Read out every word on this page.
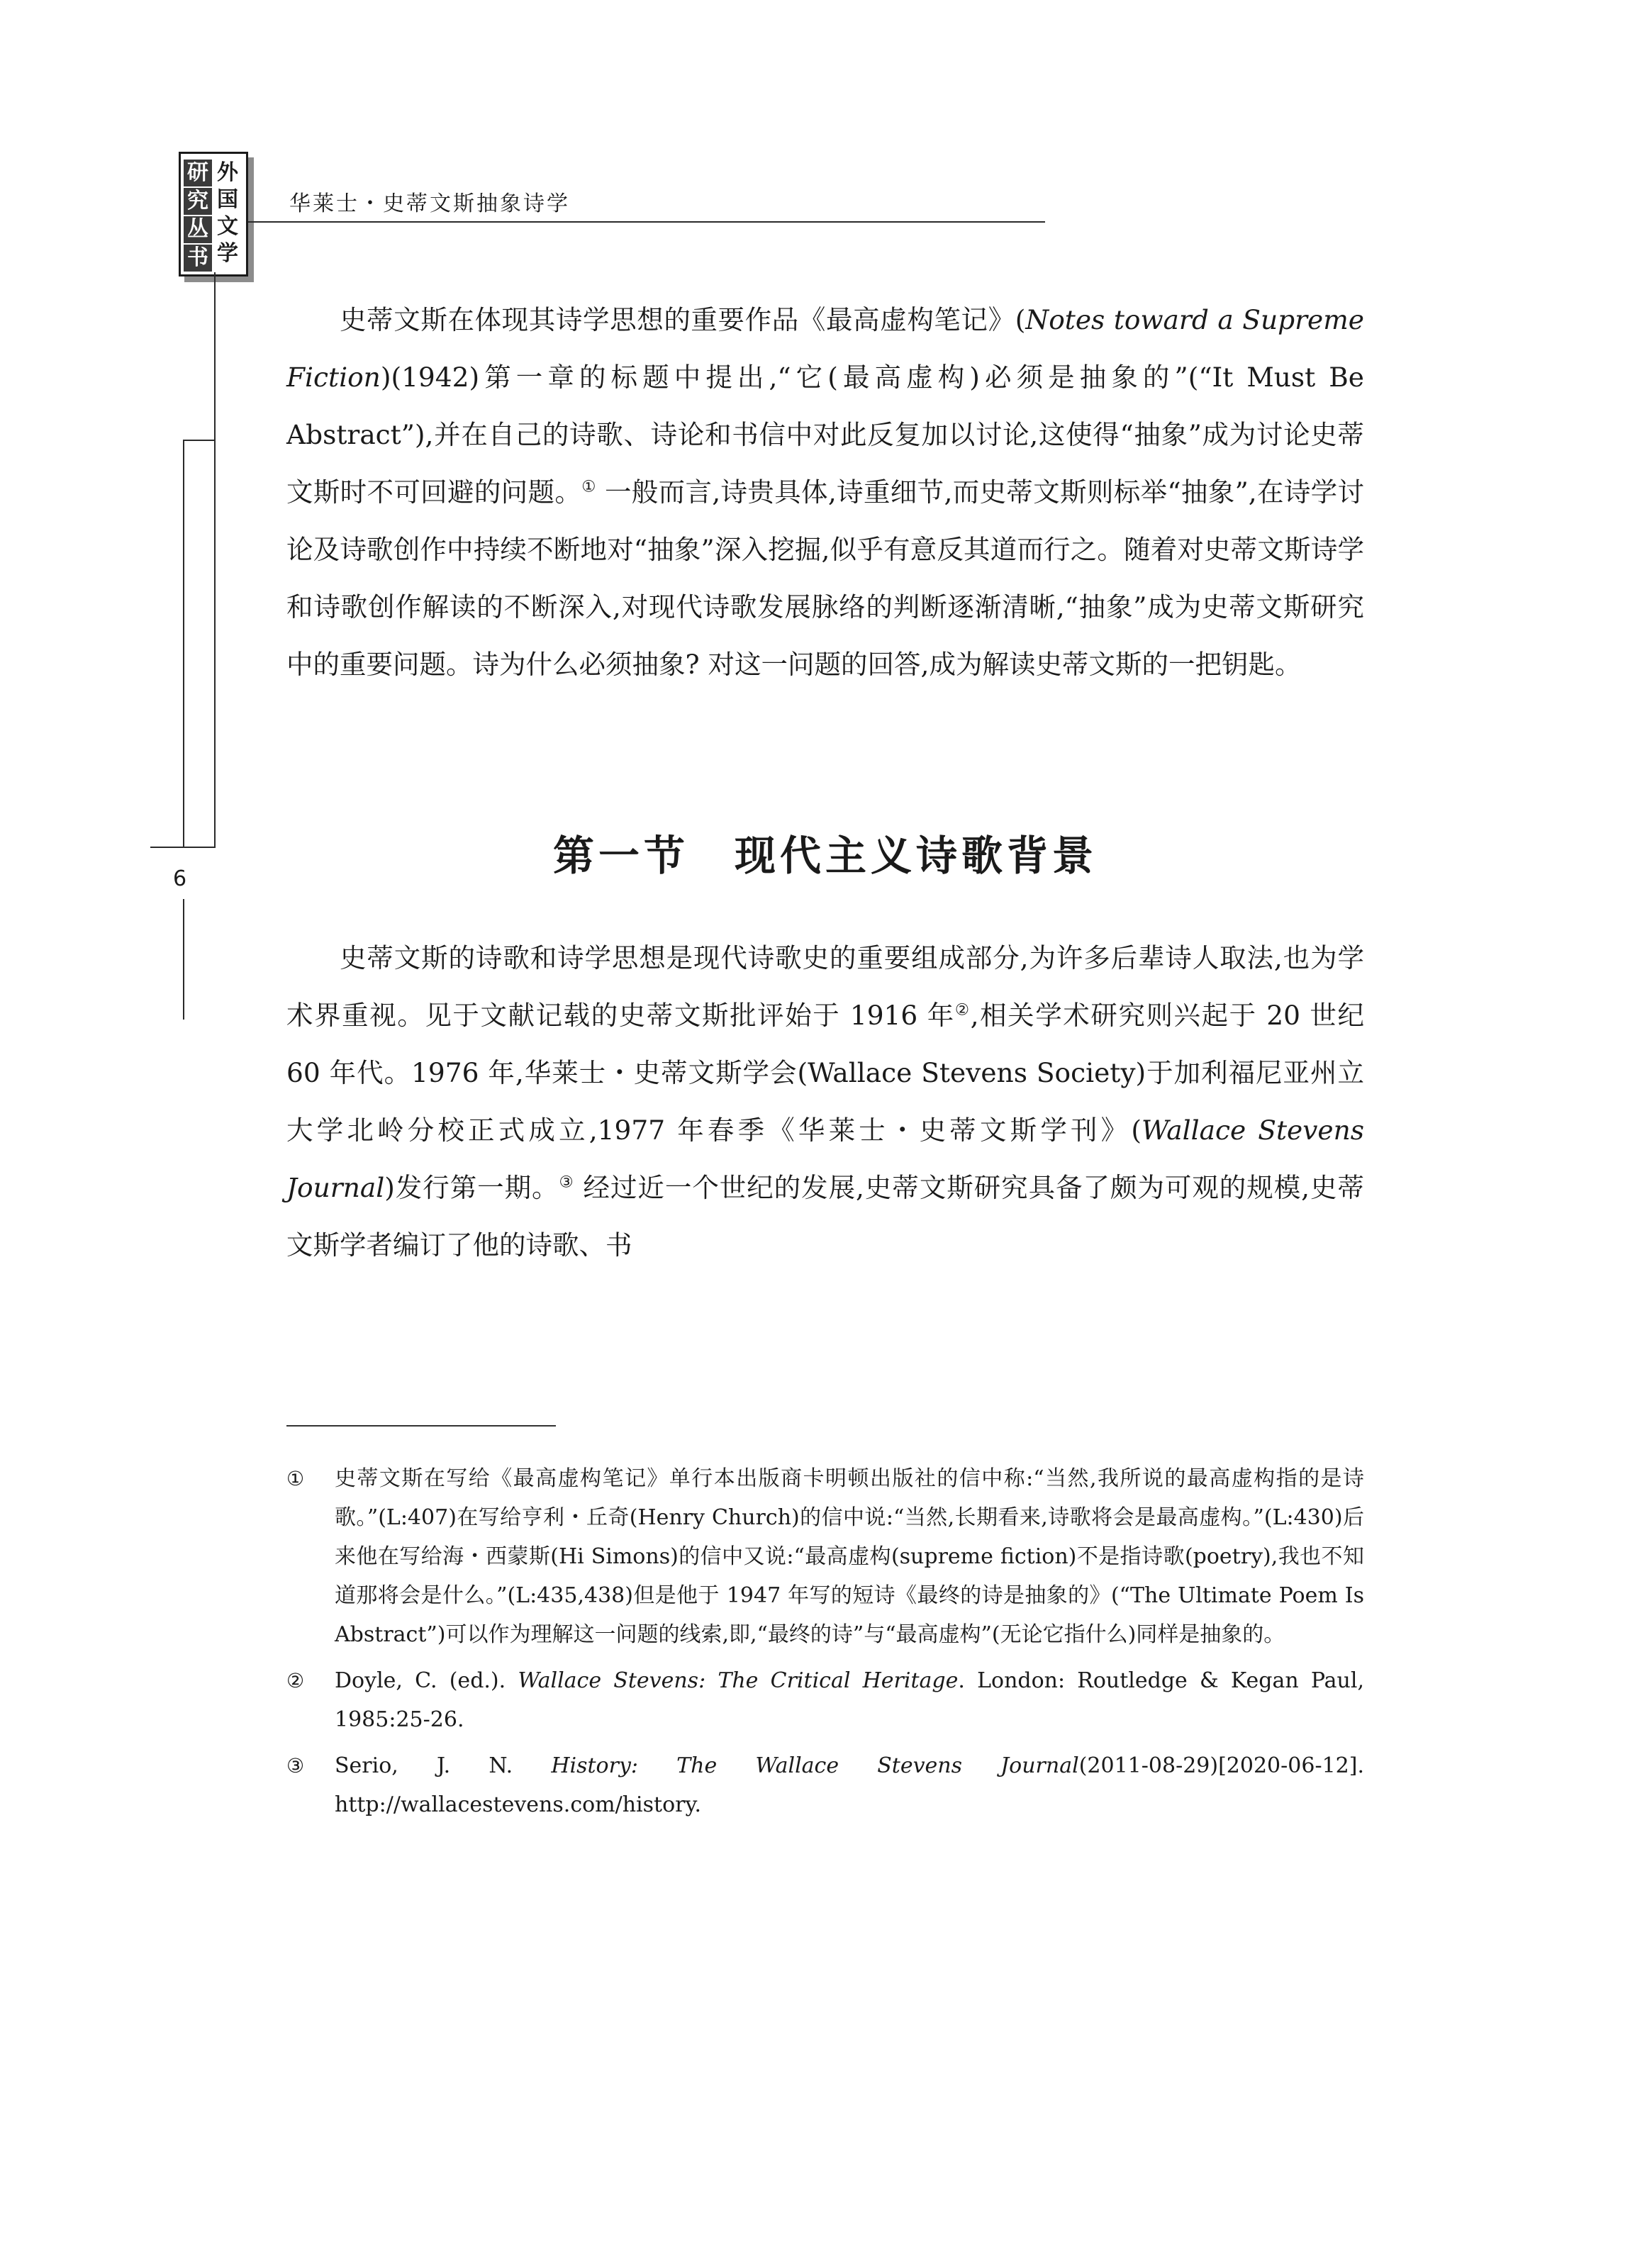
研
究
丛
书
外
国
文
学
华莱士・史蒂文斯抽象诗学
6

史蒂文斯在体现其诗学思想的重要作品《最高虚构笔记》(Notes toward a Supreme Fiction)(1942)第一章的标题中提出,“它(最高虚构)必须是抽象的”(“It Must Be Abstract”),并在自己的诗歌、诗论和书信中对此反复加以讨论,这使得“抽象”成为讨论史蒂文斯时不可回避的问题。① 一般而言,诗贵具体,诗重细节,而史蒂文斯则标举“抽象”,在诗学讨论及诗歌创作中持续不断地对“抽象”深入挖掘,似乎有意反其道而行之。随着对史蒂文斯诗学和诗歌创作解读的不断深入,对现代诗歌发展脉络的判断逐渐清晰,“抽象”成为史蒂文斯研究中的重要问题。诗为什么必须抽象? 对这一问题的回答,成为解读史蒂文斯的一把钥匙。

第一节　现代主义诗歌背景

史蒂文斯的诗歌和诗学思想是现代诗歌史的重要组成部分,为许多后辈诗人取法,也为学术界重视。见于文献记载的史蒂文斯批评始于 1916 年②,相关学术研究则兴起于 20 世纪 60 年代。1976 年,华莱士・史蒂文斯学会(Wallace Stevens Society)于加利福尼亚州立大学北岭分校正式成立,1977 年春季《华莱士・史蒂文斯学刊》(Wallace Stevens Journal)发行第一期。③ 经过近一个世纪的发展,史蒂文斯研究具备了颇为可观的规模,史蒂文斯学者编订了他的诗歌、书

①	史蒂文斯在写给《最高虚构笔记》单行本出版商卡明顿出版社的信中称:“当然,我所说的最高虚构指的是诗歌。”(L:407)在写给亨利・丘奇(Henry Church)的信中说:“当然,长期看来,诗歌将会是最高虚构。”(L:430)后来他在写给海・西蒙斯(Hi Simons)的信中又说:“最高虚构(supreme fiction)不是指诗歌(poetry),我也不知道那将会是什么。”(L:435,438)但是他于 1947 年写的短诗《最终的诗是抽象的》(“The Ultimate Poem Is Abstract”)可以作为理解这一问题的线索,即,“最终的诗”与“最高虚构”(无论它指什么)同样是抽象的。
②	Doyle, C. (ed.). Wallace Stevens: The Critical Heritage. London: Routledge & Kegan Paul, 1985:25-26.
③	Serio, J. N. History: The Wallace Stevens Journal(2011-08-29)[2020-06-12]. http://wallacestevens.com/history.
